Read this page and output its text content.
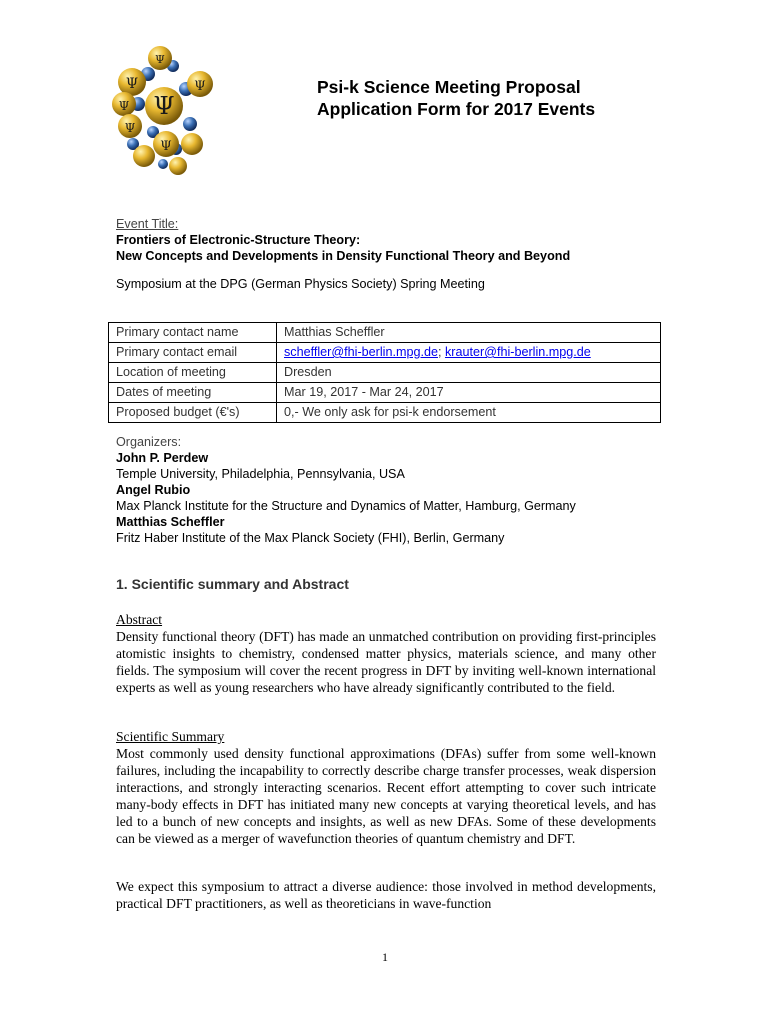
Ψ
Ψ	Ψ
Ψ
Ψ
Ψ
Ψ
Psi-k Science Meeting Proposal
Application Form for 2017 Events
Event Title:
Frontiers of Electronic-Structure Theory:
New Concepts and Developments in Density Functional Theory and Beyond
Symposium at the DPG (German Physics Society) Spring Meeting
Primary contact name	Matthias Scheffler
Primary contact email	scheffler@fhi-berlin.mpg.de; krauter@fhi-berlin.mpg.de
Location of meeting	Dresden
Dates of meeting	Mar 19, 2017 - Mar 24, 2017
Proposed budget (€'s)	0,- We only ask for psi-k endorsement
Organizers:
John P. Perdew
Temple University, Philadelphia, Pennsylvania, USA
Angel Rubio
Max Planck Institute for the Structure and Dynamics of Matter, Hamburg, Germany
Matthias Scheffler
Fritz Haber Institute of the Max Planck Society (FHI), Berlin, Germany
1. Scientific summary and Abstract
Abstract
Density functional theory (DFT) has made an unmatched contribution on providing first-principles atomistic insights to chemistry, condensed matter physics, materials science, and many other fields. The symposium will cover the recent progress in DFT by inviting well-known international experts as well as young researchers who have already significantly contributed to the field.
Scientific Summary
Most commonly used density functional approximations (DFAs) suffer from some well-known failures, including the incapability to correctly describe charge transfer processes, weak dispersion interactions, and strongly interacting scenarios. Recent effort attempting to cover such intricate many-body effects in DFT has initiated many new concepts at varying theoretical levels, and has led to a bunch of new concepts and insights, as well as new DFAs. Some of these developments can be viewed as a merger of wavefunction theories of quantum chemistry and DFT.
We expect this symposium to attract a diverse audience: those involved in method developments, practical DFT practitioners, as well as theoreticians in wave-function
1
